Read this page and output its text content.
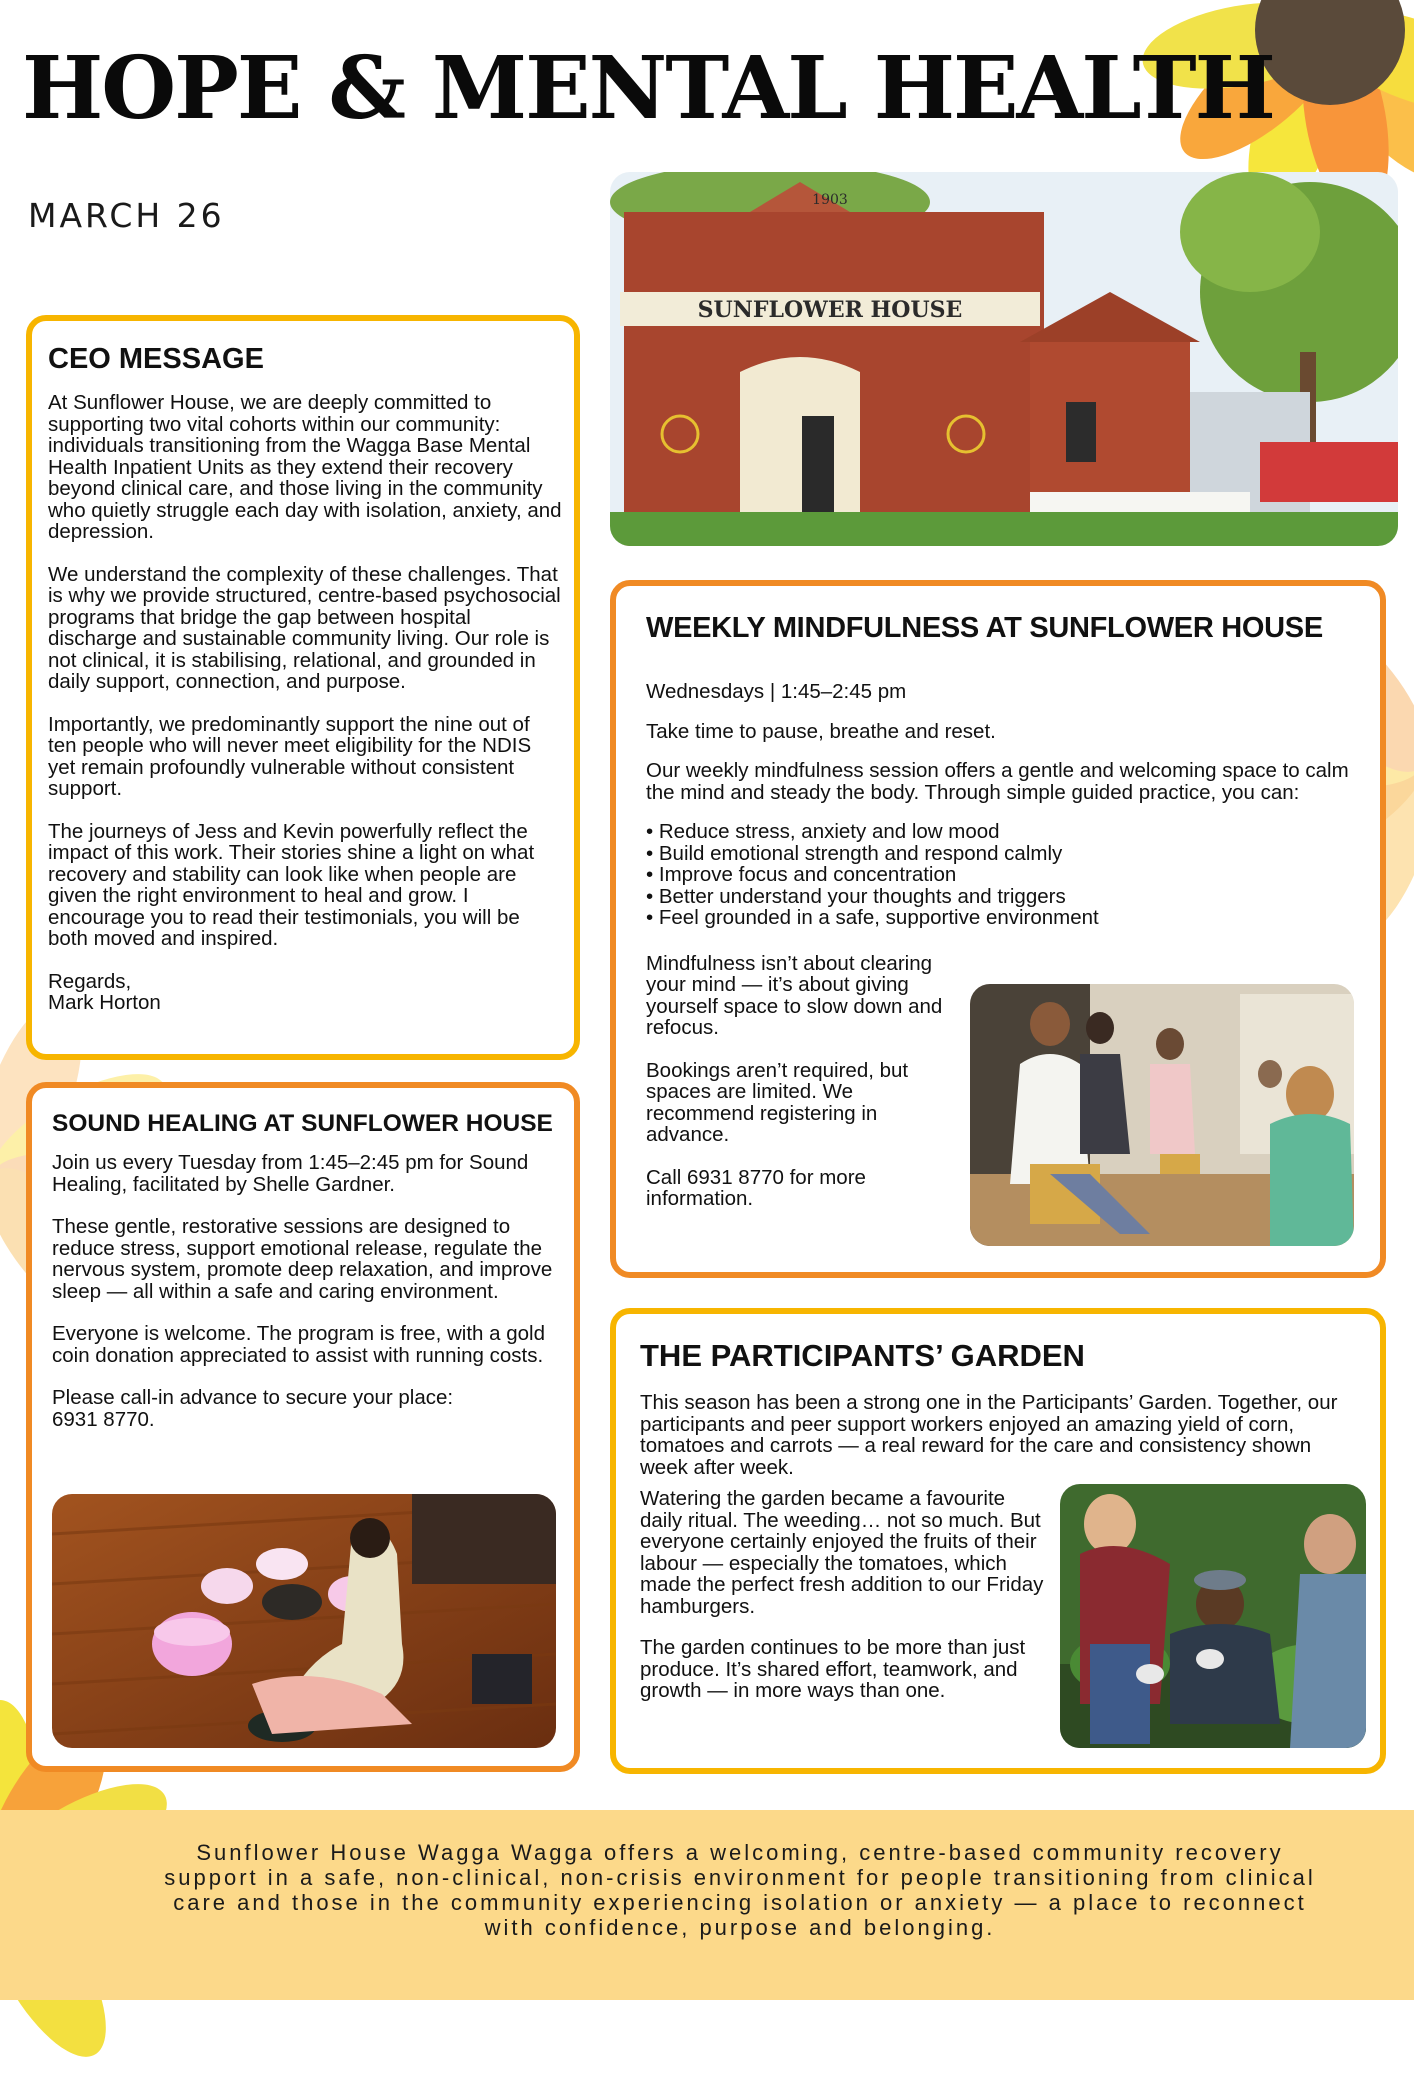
HOPE & MENTAL HEALTH
MARCH 26
CEO MESSAGE

At Sunflower House, we are deeply committed to supporting two vital cohorts within our community: individuals transitioning from the Wagga Base Mental Health Inpatient Units as they extend their recovery beyond clinical care, and those living in the community who quietly struggle each day with isolation, anxiety, and depression.

We understand the complexity of these challenges. That is why we provide structured, centre-based psychosocial programs that bridge the gap between hospital discharge and sustainable community living. Our role is not clinical, it is stabilising, relational, and grounded in daily support, connection, and purpose.

Importantly, we predominantly support the nine out of ten people who will never meet eligibility for the NDIS yet remain profoundly vulnerable without consistent support.

The journeys of Jess and Kevin powerfully reflect the impact of this work. Their stories shine a light on what recovery and stability can look like when people are given the right environment to heal and grow. I encourage you to read their testimonials, you will be both moved and inspired.

Regards,
Mark Horton

SOUND HEALING AT SUNFLOWER HOUSE

Join us every Tuesday from 1:45–2:45 pm for Sound Healing, facilitated by Shelle Gardner.

These gentle, restorative sessions are designed to reduce stress, support emotional release, regulate the nervous system, promote deep relaxation, and improve sleep — all within a safe and caring environment.

Everyone is welcome. The program is free, with a gold coin donation appreciated to assist with running costs.

Please call-in advance to secure your place:
6931 8770.

SUNFLOWER HOUSE
1903
WEEKLY MINDFULNESS AT SUNFLOWER HOUSE

Wednesdays | 1:45–2:45 pm

Take time to pause, breathe and reset.

Our weekly mindfulness session offers a gentle and welcoming space to calm the mind and steady the body. Through simple guided practice, you can:

• Reduce stress, anxiety and low mood
• Build emotional strength and respond calmly
• Improve focus and concentration
• Better understand your thoughts and triggers
• Feel grounded in a safe, supportive environment

Mindfulness isn’t about clearing your mind — it’s about giving yourself space to slow down and refocus.

Bookings aren’t required, but spaces are limited. We recommend registering in advance.

Call 6931 8770 for more information.

THE PARTICIPANTS’ GARDEN

This season has been a strong one in the Participants’ Garden. Together, our participants and peer support workers enjoyed an amazing yield of corn, tomatoes and carrots — a real reward for the care and consistency shown week after week.

Watering the garden became a favourite daily ritual. The weeding… not so much. But everyone certainly enjoyed the fruits of their labour — especially the tomatoes, which made the perfect fresh addition to our Friday hamburgers.

The garden continues to be more than just produce. It’s shared effort, teamwork, and growth — in more ways than one.

Sunflower House Wagga Wagga offers a welcoming, centre-based community recovery support in a safe, non-clinical, non-crisis environment for people transitioning from clinical care and those in the community experiencing isolation or anxiety — a place to reconnect with confidence, purpose and belonging.
